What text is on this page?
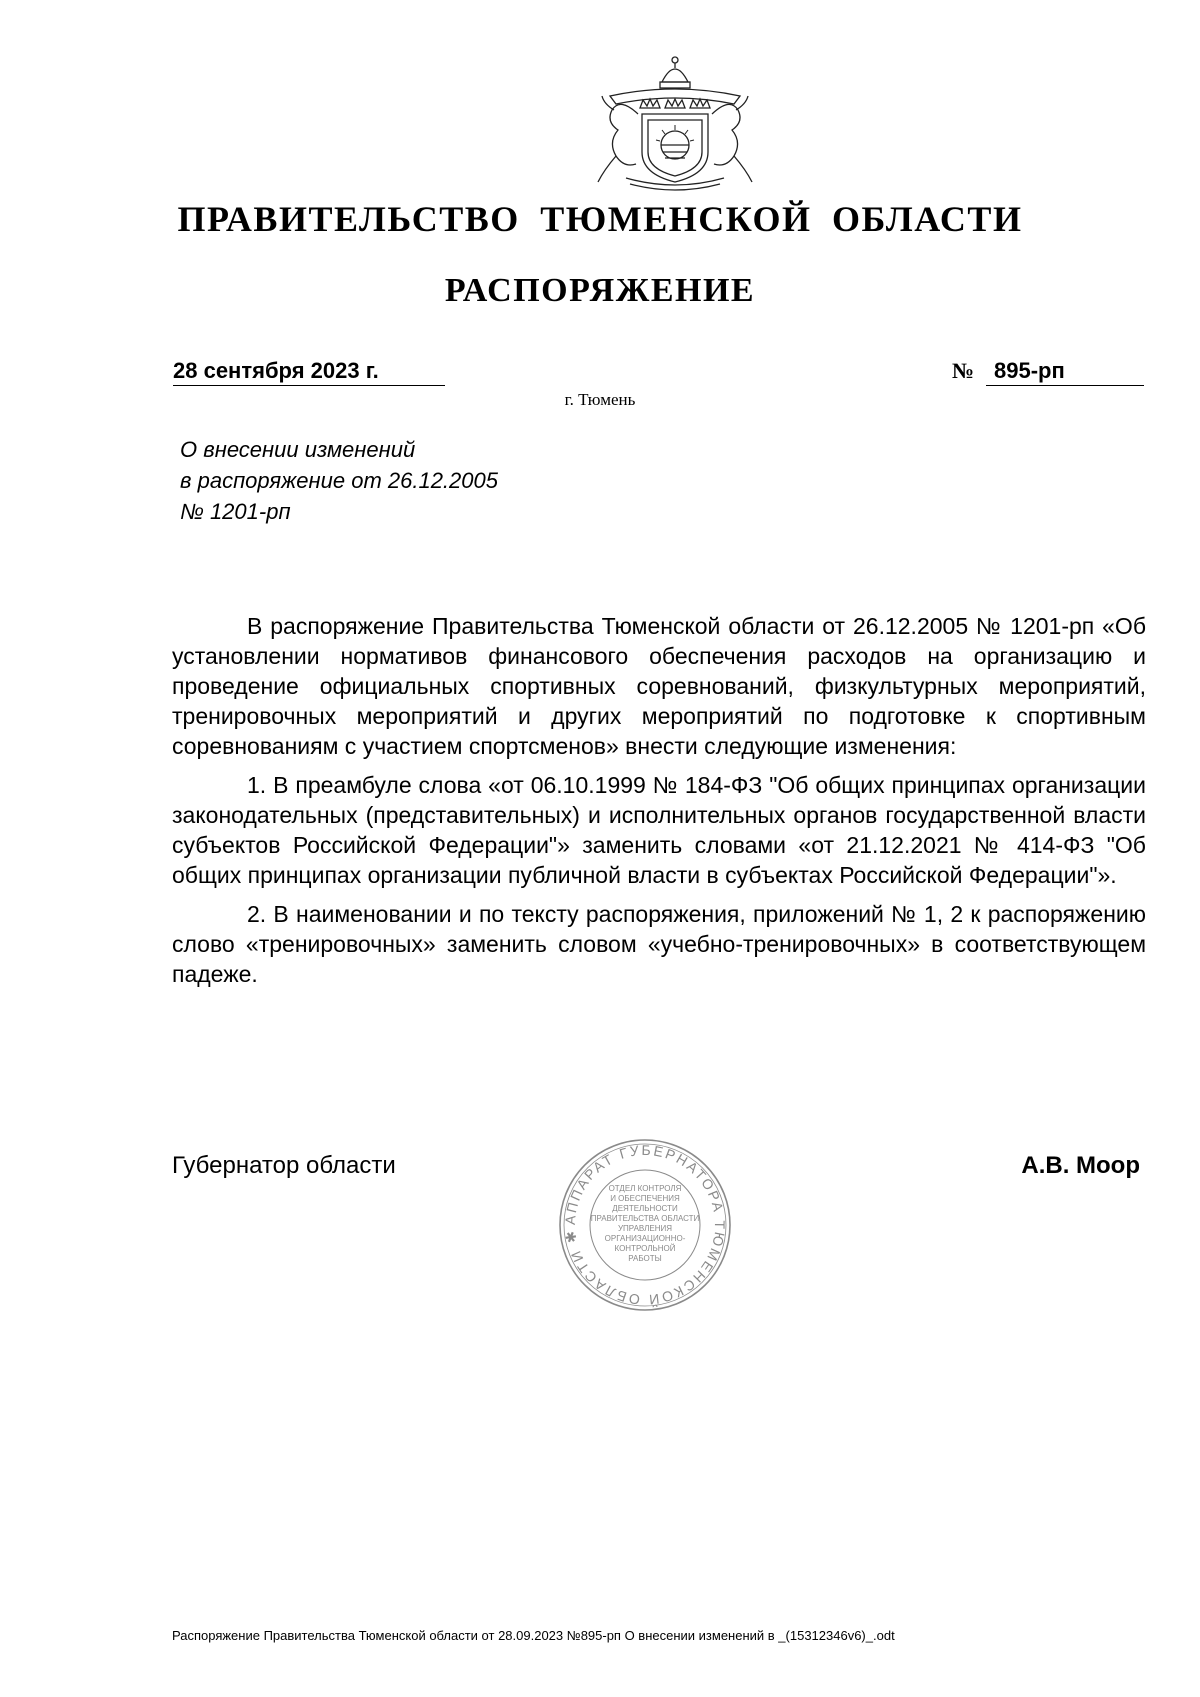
ПРАВИТЕЛЬСТВО ТЮМЕНСКОЙ ОБЛАСТИ
РАСПОРЯЖЕНИЕ
28 сентября 2023 г.	№ 895-рп
г. Тюмень
О внесении изменений
в распоряжение от 26.12.2005
№ 1201-рп

В распоряжение Правительства Тюменской области от 26.12.2005 № 1201-рп «Об установлении нормативов финансового обеспечения расходов на организацию и проведение официальных спортивных соревнований, физкультурных мероприятий, тренировочных мероприятий и других мероприятий по подготовке к спортивным соревнованиям с участием спортсменов» внести следующие изменения:

1. В преамбуле слова «от 06.10.1999 № 184-ФЗ "Об общих принципах организации законодательных (представительных) и исполнительных органов государственной власти субъектов Российской Федерации"» заменить словами «от 21.12.2021 № 414-ФЗ "Об общих принципах организации публичной власти в субъектах Российской Федерации"».

2. В наименовании и по тексту распоряжения, приложений № 1, 2 к распоряжению слово «тренировочных» заменить словом «учебно-тренировочных» в соответствующем падеже.

Губернатор области
АППАРАТ ГУБЕРНАТОРА ТЮМЕНСКОЙ ОБЛАСТИ ✱
ОТДЕЛ КОНТРОЛЯ
И ОБЕСПЕЧЕНИЯ
ДЕЯТЕЛЬНОСТИ
ПРАВИТЕЛЬСТВА ОБЛАСТИ
УПРАВЛЕНИЯ
ОРГАНИЗАЦИОННО-
КОНТРОЛЬНОЙ
РАБОТЫ
А.В. Моор
Распоряжение Правительства Тюменской области от 28.09.2023 №895-рп О внесении изменений в _(15312346v6)_.odt
